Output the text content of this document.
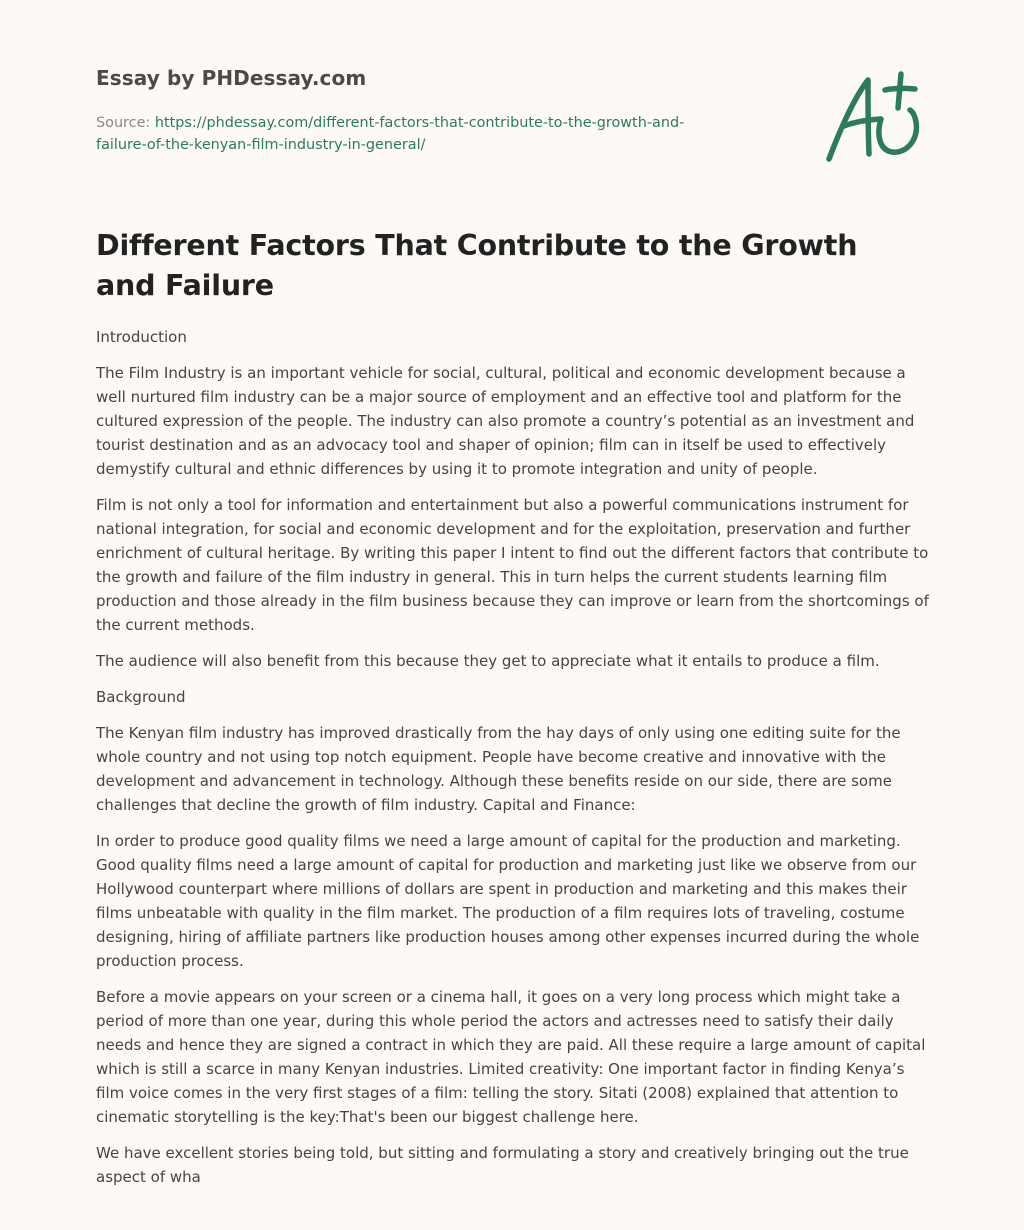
Essay by PHDessay.com
Source: https://phdessay.com/different-factors-that-contribute-to-the-growth-and-
failure-of-the-kenyan-film-industry-in-general/
Different Factors That Contribute to the Growth and Failure

Introduction

The Film Industry is an important vehicle for social, cultural, political and economic development because a well nurtured film industry can be a major source of employment and an effective tool and platform for the cultured expression of the people. The industry can also promote a country’s potential as an investment and tourist destination and as an advocacy tool and shaper of opinion; film can in itself be used to effectively demystify cultural and ethnic differences by using it to promote integration and unity of people.

Film is not only a tool for information and entertainment but also a powerful communications instrument for national integration, for social and economic development and for the exploitation, preservation and further enrichment of cultural heritage. By writing this paper I intent to find out the different factors that contribute to the growth and failure of the film industry in general. This in turn helps the current students learning film production and those already in the film business because they can improve or learn from the shortcomings of the current methods.

The audience will also benefit from this because they get to appreciate what it entails to produce a film.

Background

The Kenyan film industry has improved drastically from the hay days of only using one editing suite for the whole country and not using top notch equipment. People have become creative and innovative with the development and advancement in technology. Although these benefits reside on our side, there are some challenges that decline the growth of film industry. Capital and Finance:

In order to produce good quality films we need a large amount of capital for the production and marketing. Good quality films need a large amount of capital for production and marketing just like we observe from our Hollywood counterpart where millions of dollars are spent in production and marketing and this makes their films unbeatable with quality in the film market. The production of a film requires lots of traveling, costume designing, hiring of affiliate partners like production houses among other expenses incurred during the whole production process.

Before a movie appears on your screen or a cinema hall, it goes on a very long process which might take a period of more than one year, during this whole period the actors and actresses need to satisfy their daily needs and hence they are signed a contract in which they are paid. All these require a large amount of capital which is still a scarce in many Kenyan industries. Limited creativity: One important factor in finding Kenya’s film voice comes in the very first stages of a film: telling the story. Sitati (2008) explained that attention to cinematic storytelling is the key:That's been our biggest challenge here.

We have excellent stories being told, but sitting and formulating a story and creatively bringing out the true aspect of wha
